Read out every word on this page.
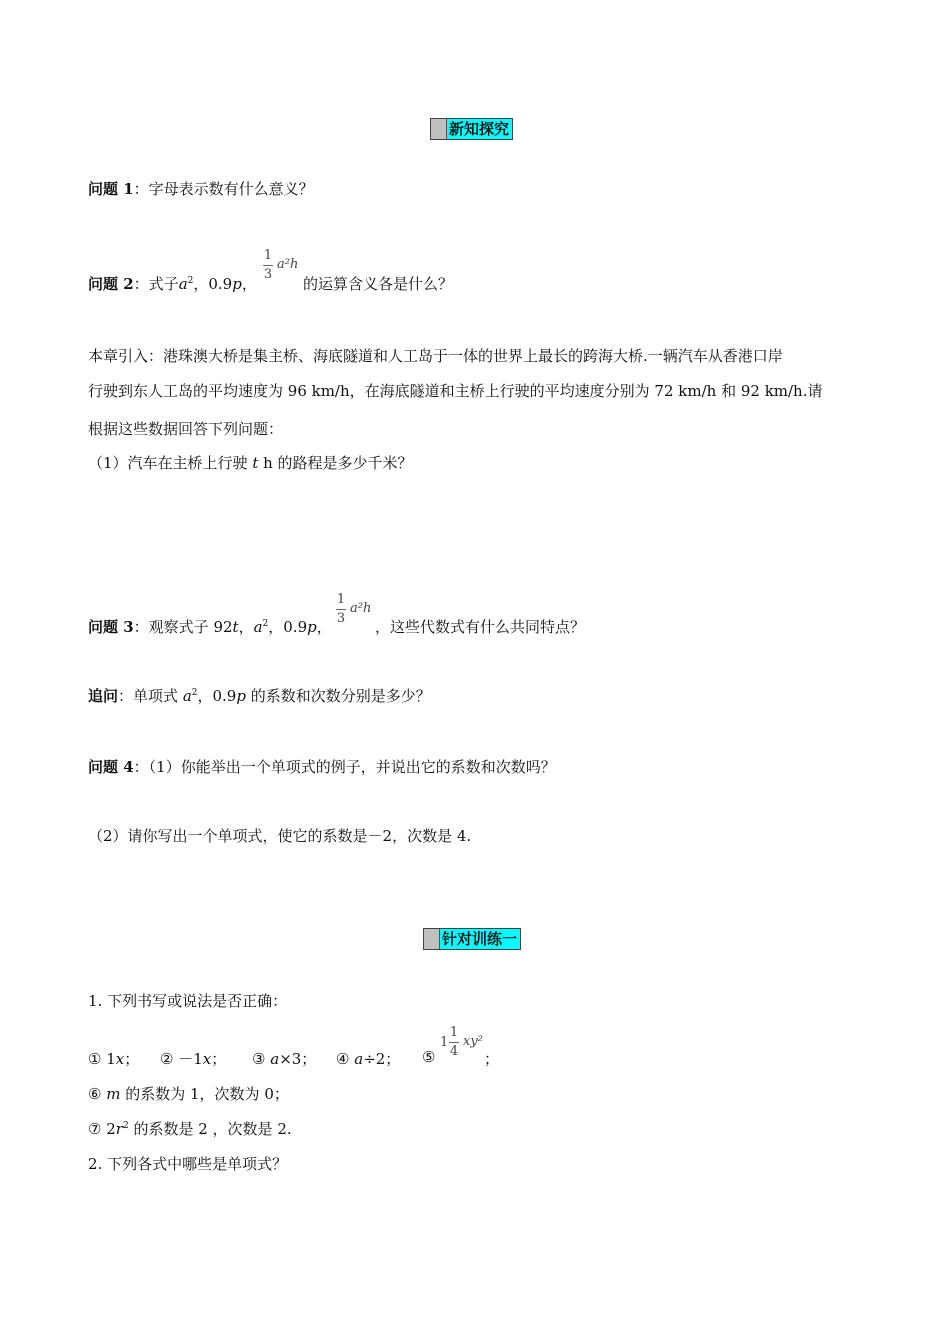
新知探究
问题 1：字母表示数有什么意义？
问题 2：式子$a^2$，0.9p，
1
3
a²h
的运算含义各是什么？
本章引入：港珠澳大桥是集主桥、海底隧道和人工岛于一体的世界上最长的跨海大桥.一辆汽车从香港口岸
行驶到东人工岛的平均速度为 96 km/h，在海底隧道和主桥上行驶的平均速度分别为 72 km/h 和 92 km/h.请
根据这些数据回答下列问题：
（1）汽车在主桥上行驶 t h 的路程是多少千米？
问题 3：观察式子 92t，$a^2$，0.9p，
1
3
a²h
，这些代数式有什么共同特点？
追问：单项式 $a^2$，0.9p 的系数和次数分别是多少？
问题 4：（1）你能举出一个单项式的例子，并说出它的系数和次数吗？
（2）请你写出一个单项式，使它的系数是－2，次数是 4.
针对训练一
1. 下列书写或说法是否正确：
① 1x； ② －1x； ③ a×3； ④ a÷2； ⑤
1
1
4
xy²
；
⑥ m 的系数为 1，次数为 0；
⑦ $2r^2$ 的系数是 2 ，次数是 2.
2. 下列各式中哪些是单项式？
